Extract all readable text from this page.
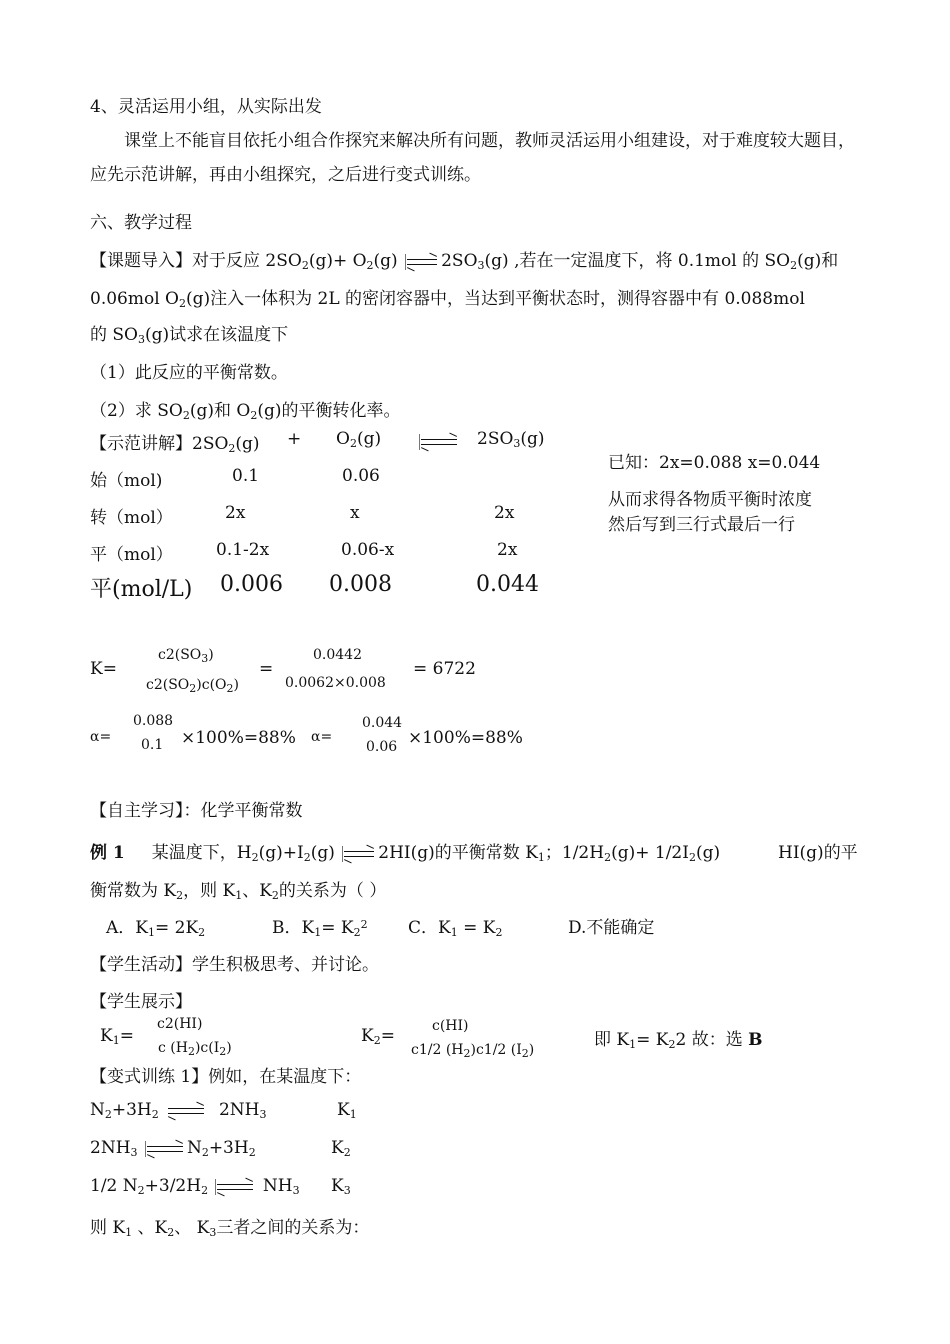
4、灵活运用小组，从实际出发
课堂上不能盲目依托小组合作探究来解决所有问题，教师灵活运用小组建设，对于难度较大题目，应先示范讲解，再由小组探究，之后进行变式训练。
六、教学过程
【课题导入】对于反应 $2SO_2(g)+ O_2(g)$	$2SO_3(g)$ ,若在一定温度下，将 0.1mol 的 $SO_2(g)$和
0.06mol $O_2(g)$注入一体积为 2L 的密闭容器中，当达到平衡状态时，测得容器中有 0.088mol
的 $SO_3(g)$试求在该温度下
（1）此反应的平衡常数。
（2）求 $SO_2(g)$和 $O_2(g)$的平衡转化率。
【示范讲解】$2SO_2(g) + O_2(g)$	$2SO_3(g)$
已知：2x=0.088 x=0.044
从而求得各物质平衡时浓度
然后写到三行式最后一行
始（mol)	0.1	0.06
转（mol）	2x	x	2x
平（mol）	0.1-2x	0.06-x	2x
平(mol/L) 0.006 0.008	0.044
K=
$c2(SO_3)$
$c2(SO_2)c(O_2)$
=
0.0442
0.0062×0.008
= 6722
α=
0.088
0.1 ×100%=88% α=
0.044
0.06 ×100%=88%
【自主学习】：化学平衡常数
例 1 某温度下，$H_2(g)+I_2(g)$	2HI(g)的平衡常数 $K_1$；$1/2H_2(g)+ 1/2I_2(g)$	HI(g)的平
衡常数为 $K_2$，则 $K_1$、$K_2$的关系为（ ）
A．$K_1= 2K_2$	B．$K_1= K_2^2$ C．$K_1 = K_2$	D.不能确定
【学生活动】学生积极思考、并讨论。
【学生展示】
$K_1=$
c2(HI)
c $(H_2)c(I_2)$
$K_2=$	c(HI)
c1/2 $(H_2)c1/2$ $(I_2)$	即 $K_1= K_22$ 故：选 B
【变式训练 1】例如，在某温度下：
$N_2+3H_2$	$2NH_3$	$K_1$
$2NH_3$	$N_2+3H_2$	$K_2$
1/2 $N_2+3/2H_2$	$NH_3$ $K_3$
则 $K_1$ 、$K_2$、 $K_3$三者之间的关系为：
